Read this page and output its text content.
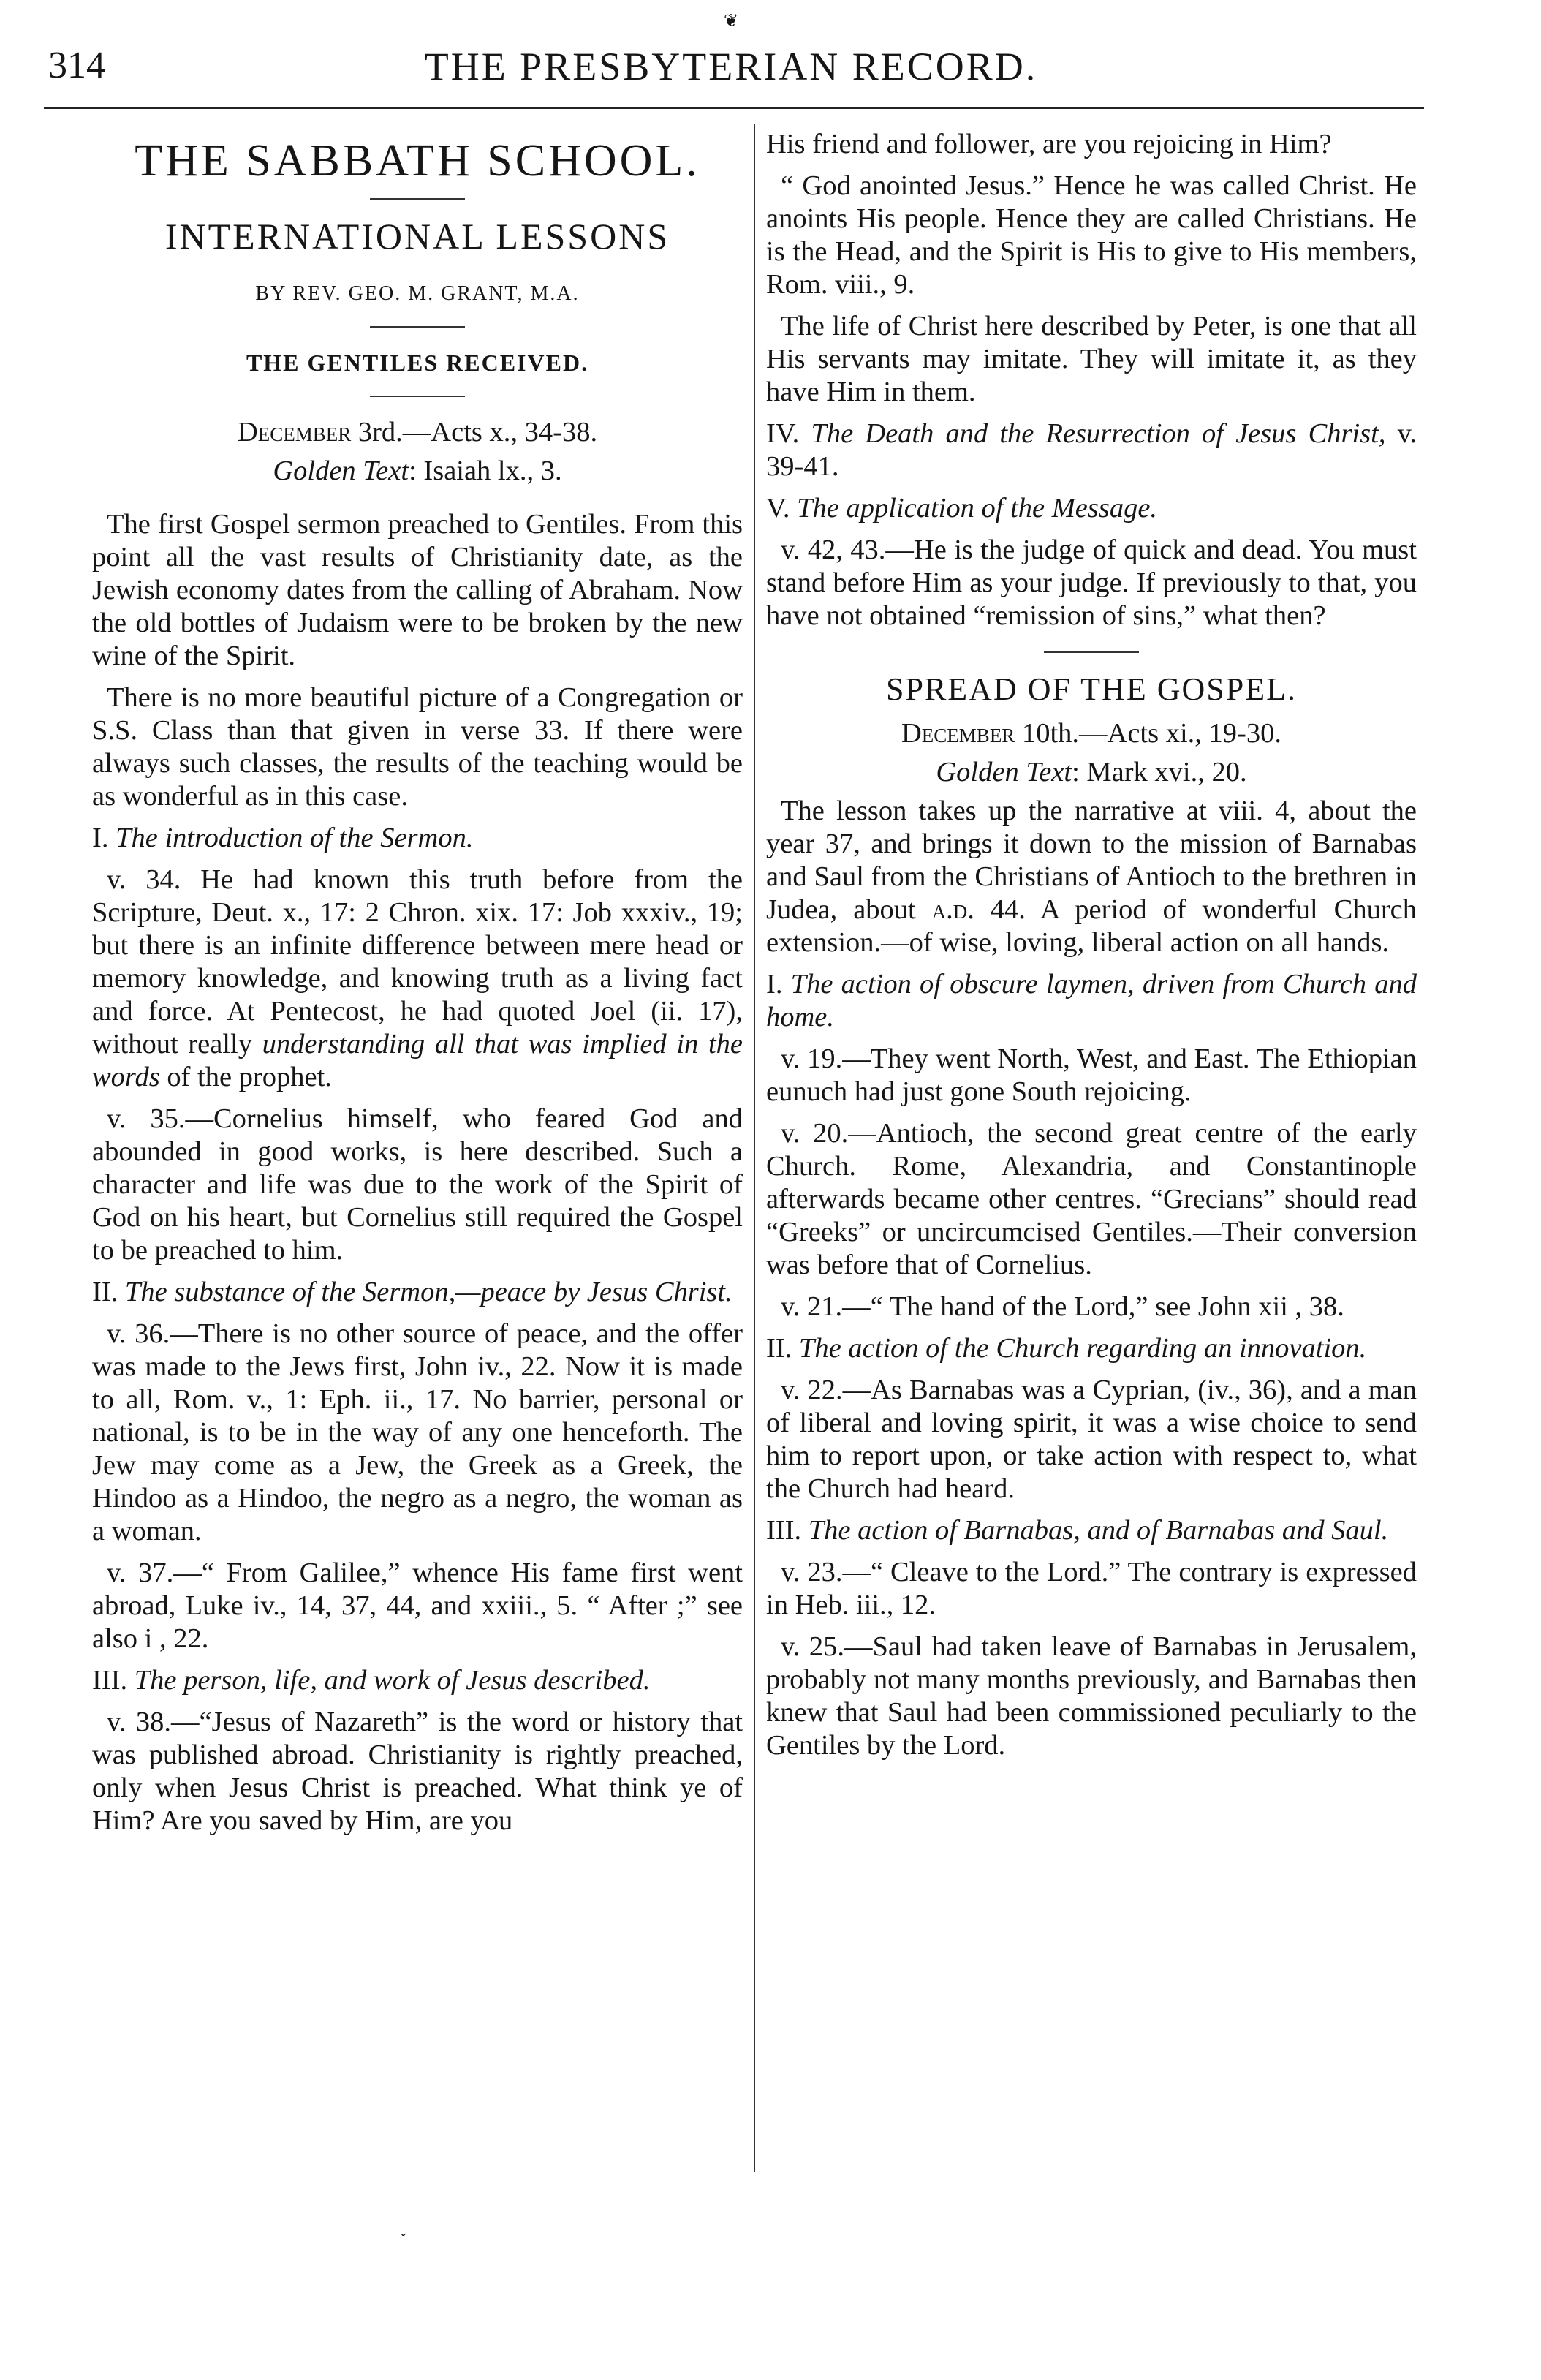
314	THE PRESBYTERIAN RECORD.
❦
THE SABBATH SCHOOL.
INTERNATIONAL LESSONS
BY REV. GEO. M. GRANT, M.A.
THE GENTILES RECEIVED.

December 3rd.—Acts x., 34-38.

Golden Text: Isaiah lx., 3.

The first Gospel sermon preached to Gentiles. From this point all the vast results of Christianity date, as the Jewish economy dates from the calling of Abraham. Now the old bottles of Judaism were to be broken by the new wine of the Spirit.

There is no more beautiful picture of a Congregation or S.S. Class than that given in verse 33. If there were always such classes, the results of the teaching would be as wonderful as in this case.

I. The introduction of the Sermon.

v. 34. He had known this truth before from the Scripture, Deut. x., 17: 2 Chron. xix. 17: Job xxxiv., 19; but there is an infinite difference between mere head or memory knowledge, and knowing truth as a living fact and force. At Pentecost, he had quoted Joel (ii. 17), without really understanding all that was implied in the words of the prophet.

v. 35.—Cornelius himself, who feared God and abounded in good works, is here described. Such a character and life was due to the work of the Spirit of God on his heart, but Cornelius still required the Gospel to be preached to him.

II. The substance of the Sermon,—peace by Jesus Christ.

v. 36.—There is no other source of peace, and the offer was made to the Jews first, John iv., 22. Now it is made to all, Rom. v., 1: Eph. ii., 17. No barrier, personal or national, is to be in the way of any one henceforth. The Jew may come as a Jew, the Greek as a Greek, the Hindoo as a Hindoo, the negro as a negro, the woman as a woman.

v. 37.—“ From Galilee,” whence His fame first went abroad, Luke iv., 14, 37, 44, and xxiii., 5. “ After ;” see also i , 22.

III. The person, life, and work of Jesus described.

v. 38.—“Jesus of Nazareth” is the word or history that was published abroad. Christianity is rightly preached, only when Jesus Christ is preached. What think ye of Him? Are you saved by Him, are you

His friend and follower, are you rejoicing in Him?

“ God anointed Jesus.” Hence he was called Christ. He anoints His people. Hence they are called Christians. He is the Head, and the Spirit is His to give to His members, Rom. viii., 9.

The life of Christ here described by Peter, is one that all His servants may imitate. They will imitate it, as they have Him in them.

IV. The Death and the Resurrection of Jesus Christ, v. 39-41.

V. The application of the Message.

v. 42, 43.—He is the judge of quick and dead. You must stand before Him as your judge. If previously to that, you have not obtained “remission of sins,” what then?

SPREAD OF THE GOSPEL.

December 10th.—Acts xi., 19-30.

Golden Text: Mark xvi., 20.

The lesson takes up the narrative at viii. 4, about the year 37, and brings it down to the mission of Barnabas and Saul from the Christians of Antioch to the brethren in Judea, about a.d. 44. A period of wonderful Church extension.—of wise, loving, liberal action on all hands.

I. The action of obscure laymen, driven from Church and home.

v. 19.—They went North, West, and East. The Ethiopian eunuch had just gone South rejoicing.

v. 20.—Antioch, the second great centre of the early Church. Rome, Alexandria, and Constantinople afterwards became other centres. “Grecians” should read “Greeks” or uncircumcised Gentiles.—Their conversion was before that of Cornelius.

v. 21.—“ The hand of the Lord,” see John xii , 38.

II. The action of the Church regarding an innovation.

v. 22.—As Barnabas was a Cyprian, (iv., 36), and a man of liberal and loving spirit, it was a wise choice to send him to report upon, or take action with respect to, what the Church had heard.

III. The action of Barnabas, and of Barnabas and Saul.

v. 23.—“ Cleave to the Lord.” The contrary is expressed in Heb. iii., 12.

v. 25.—Saul had taken leave of Barnabas in Jerusalem, probably not many months previously, and Barnabas then knew that Saul had been commissioned peculiarly to the Gentiles by the Lord.

ˇ
